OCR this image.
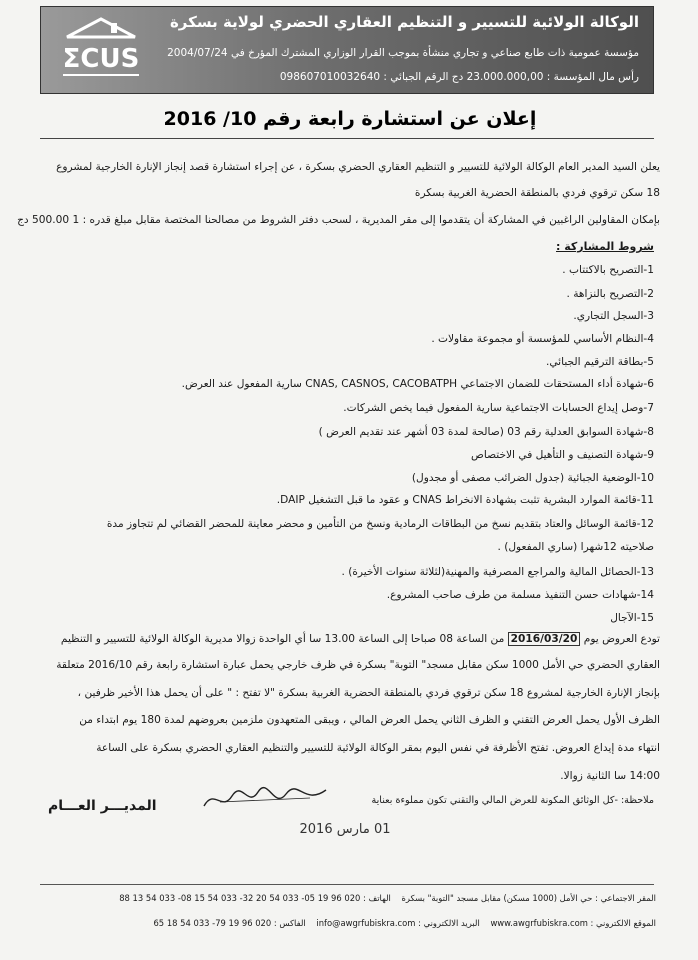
ΣCUS
الوكالة الولائية للتسيير و التنظيم العقاري الحضري لولاية بسكرة
مؤسسة عمومية ذات طابع صناعي و تجاري منشأة بموجب القرار الوزاري المشترك المؤرخ في 2004/07/24
رأس مال المؤسسة : 23.000.000,00 دج الرقم الجبائي : 098607010032640
إعلان عن استشارة رابعة رقم 10/ 2016
يعلن السيد المدير العام الوكالة الولائية للتسيير و التنظيم العقاري الحضري بسكرة ، عن إجراء استشارة قصد إنجاز الإنارة الخارجية لمشروع
18 سكن ترقوي فردي بالمنطقة الحضرية الغربية بسكرة
بإمكان المقاولين الراغبين في المشاركة أن يتقدموا إلى مقر المديرية ، لسحب دفتر الشروط من مصالحنا المختصة مقابل مبلغ قدره : 1 500.00 دج
شروط المشاركة :
1-التصريح بالاكتتاب .
2-التصريح بالنزاهة .
3-السجل التجاري.
4-النظام الأساسي للمؤسسة أو مجموعة مقاولات .
5-بطاقة الترقيم الجبائي.
6-شهادة أداء المستحقات للضمان الاجتماعي CNAS, CASNOS, CACOBATPH سارية المفعول عند العرض.
7-وصل إيداع الحسابات الاجتماعية سارية المفعول فيما يخص الشركات.
8-شهادة السوابق العدلية رقم 03 (صالحة لمدة 03 أشهر عند تقديم العرض )
9-شهادة التصنيف و التأهيل في الاختصاص
10-الوضعية الجبائية (جدول الضرائب مصفى أو مجدول)
11-قائمة الموارد البشرية تثبت بشهادة الانخراط CNAS و عقود ما قبل التشغيل DAIP.
12-قائمة الوسائل والعتاد بتقديم نسخ من البطاقات الرمادية ونسخ من التأمين و محضر معاينة للمحضر القضائي لم تتجاوز مدة
صلاحيته 12شهرا (ساري المفعول) .
13-الحصائل المالية والمراجع المصرفية والمهنية(لثلاثة سنوات الأخيرة) .
14-شهادات حسن التنفيذ مسلمة من طرف صاحب المشروع.
15-الآجال
تودع العروض يوم 2016/03/20 من الساعة 08 صباحا إلى الساعة 13.00 سا أي الواحدة زوالا مديرية الوكالة الولائية للتسيير و التنظيم
العقاري الحضري حي الأمل 1000 سكن مقابل مسجد" التوبة" بسكرة في ظرف خارجي يحمل عبارة استشارة رابعة رقم 2016/10 متعلقة
بإنجاز الإنارة الخارجية لمشروع 18 سكن ترقوي فردي بالمنطقة الحضرية الغربية بسكرة "لا تفتح : " على أن يحمل هذا الأخير ظرفين ،
الظرف الأول يحمل العرض التقني و الظرف الثاني يحمل العرض المالي ، ويبقى المتعهدون ملزمين بعروضهم لمدة 180 يوم ابتداء من
انتهاء مدة إيداع العروض. تفتح الأظرفة في نفس اليوم بمقر الوكالة الولائية للتسيير والتنظيم العقاري الحضري بسكرة على الساعة
14:00 سا الثانية زوالا.
ملاحظة: -كل الوثائق المكونة للعرض المالي والتقني تكون مملوءة بعناية
المديـــر العـــام
01 مارس 2016
المقر الاجتماعي : حي الأمل (1000 مسكن) مقابل مسجد "التوبة" بسكرة    الهاتف : 020 96 19 05- 033 54 20 32- 033 54 15 08- 033 54 13 88
الموقع الالكتروني : www.awgrfubiskra.com    البريد الالكتروني : info@awgrfubiskra.com    الفاكس : 020 96 19 79- 033 54 18 65
